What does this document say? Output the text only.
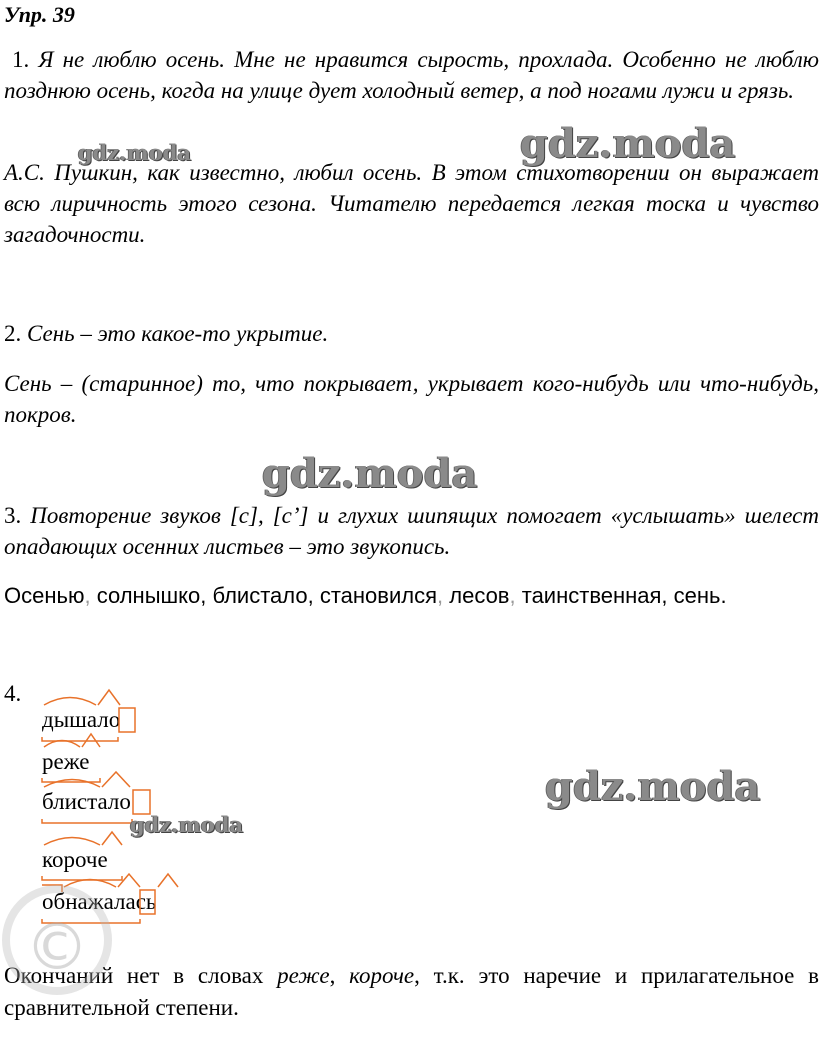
Упр. 39

1. Я не люблю осень. Мне не нравится сырость, прохлада. Особенно не люблю позднюю осень, когда на улице дует холодный ветер, а под ногами лужи и грязь.

А.С. Пушкин, как известно, любил осень. В этом стихотворении он выражает всю лиричность этого сезона. Читателю передается легкая тоска и чувство загадочности.

2. Сень – это какое-то укрытие.

Сень – (старинное) то, что покрывает, укрывает кого-нибудь или что-нибудь, покров.

3. Повторение звуков [с], [с’] и глухих шипящих помогает «услышать» шелест опадающих осенних листьев – это звукопись.

Осенью, солнышко, блистало, становился, лесов, таинственная, сень.

4.
дышало
реже
блистало
короче
обнажалась

Окончаний нет в словах реже, короче, т.к. это наречие и прилагательное в сравнительной степени.

gdz.moda
gdz.moda
gdz.moda
gdz.moda
gdz.moda
©
